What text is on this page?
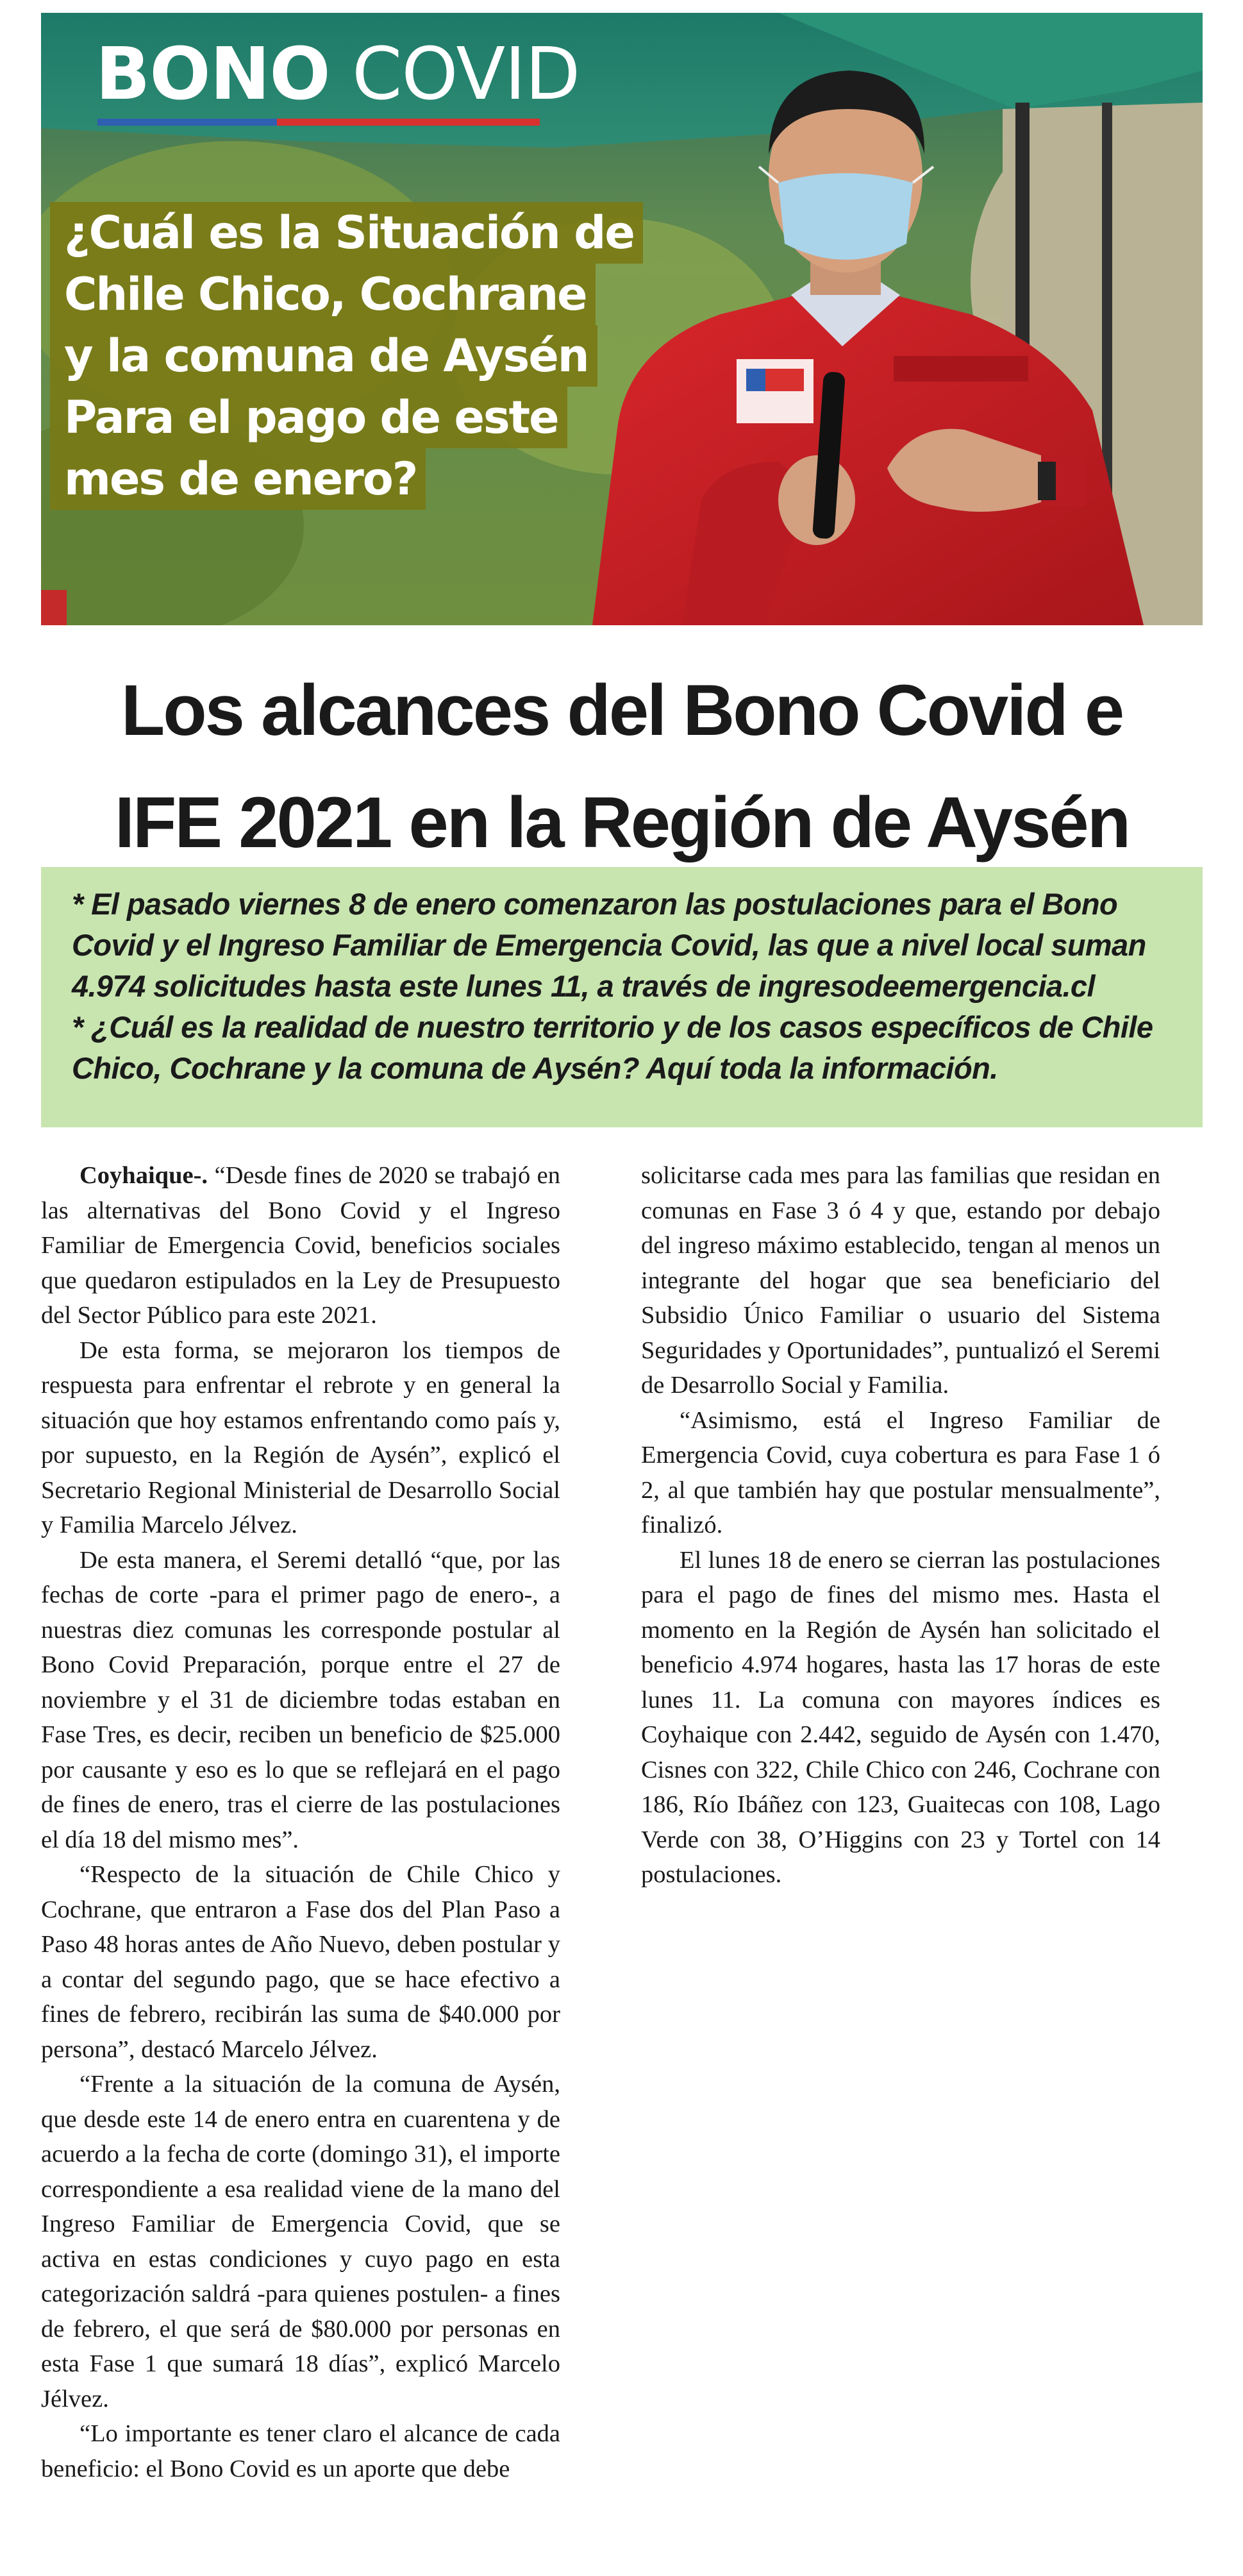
BONO COVID
¿Cuál es la Situación de
Chile Chico, Cochrane
y la comuna de Aysén
Para el pago de este
mes de enero?
Los alcances del Bono Covid e
IFE 2021 en la Región de Aysén

* El pasado viernes 8 de enero comenzaron las postulaciones para el Bono Covid y el Ingreso Familiar de Emergencia Covid, las que a nivel local suman 4.974 solicitudes hasta este lunes 11, a través de ingresodeemergencia.cl

* ¿Cuál es la realidad de nuestro territorio y de los casos específicos de Chile Chico, Cochrane y la comuna de Aysén? Aquí toda la información.

Coyhaique-. “Desde fines de 2020 se trabajó en las alternativas del Bono Covid y el Ingreso Familiar de Emergencia Covid, beneficios sociales que quedaron estipulados en la Ley de Presupuesto del Sector Público para este 2021.

De esta forma, se mejoraron los tiempos de respuesta para enfrentar el rebrote y en general la situación que hoy estamos enfrentando como país y, por supuesto, en la Región de Aysén”, explicó el Secretario Regional Ministerial de Desarrollo Social y Familia Marcelo Jélvez.

De esta manera, el Seremi detalló “que, por las fechas de corte -para el primer pago de enero-, a nuestras diez comunas les corresponde postular al Bono Covid Preparación, porque entre el 27 de noviembre y el 31 de diciembre todas estaban en Fase Tres, es decir, reciben un beneficio de $25.000 por causante y eso es lo que se reflejará en el pago de fines de enero, tras el cierre de las postulaciones el día 18 del mismo mes”.

“Respecto de la situación de Chile Chico y Cochrane, que entraron a Fase dos del Plan Paso a Paso 48 horas antes de Año Nuevo, deben postular y a contar del segundo pago, que se hace efectivo a fines de febrero, recibirán las suma de $40.000 por persona”, destacó Marcelo Jélvez.

“Frente a la situación de la comuna de Aysén, que desde este 14 de enero entra en cuarentena y de acuerdo a la fecha de corte (domingo 31), el importe correspondiente a esa realidad viene de la mano del Ingreso Familiar de Emergencia Covid, que se activa en estas condiciones y cuyo pago en esta categorización saldrá -para quienes postulen- a fines de febrero, el que será de $80.000 por personas en esta Fase 1 que sumará 18 días”, explicó Marcelo Jélvez.

“Lo importante es tener claro el alcance de cada beneficio: el Bono Covid es un aporte que debe

solicitarse cada mes para las familias que residan en comunas en Fase 3 ó 4 y que, estando por debajo del ingreso máximo establecido, tengan al menos un integrante del hogar que sea beneficiario del Subsidio Único Familiar o usuario del Sistema Seguridades y Oportunidades”, puntualizó el Seremi de Desarrollo Social y Familia.

“Asimismo, está el Ingreso Familiar de Emergencia Covid, cuya cobertura es para Fase 1 ó 2, al que también hay que postular mensualmente”, finalizó.

El lunes 18 de enero se cierran las postulaciones para el pago de fines del mismo mes. Hasta el momento en la Región de Aysén han solicitado el beneficio 4.974 hogares, hasta las 17 horas de este lunes 11. La comuna con mayores índices es Coyhaique con 2.442, seguido de Aysén con 1.470, Cisnes con 322, Chile Chico con 246, Cochrane con 186, Río Ibáñez con 123, Guaitecas con 108, Lago Verde con 38, O’Higgins con 23 y Tortel con 14 postulaciones.
